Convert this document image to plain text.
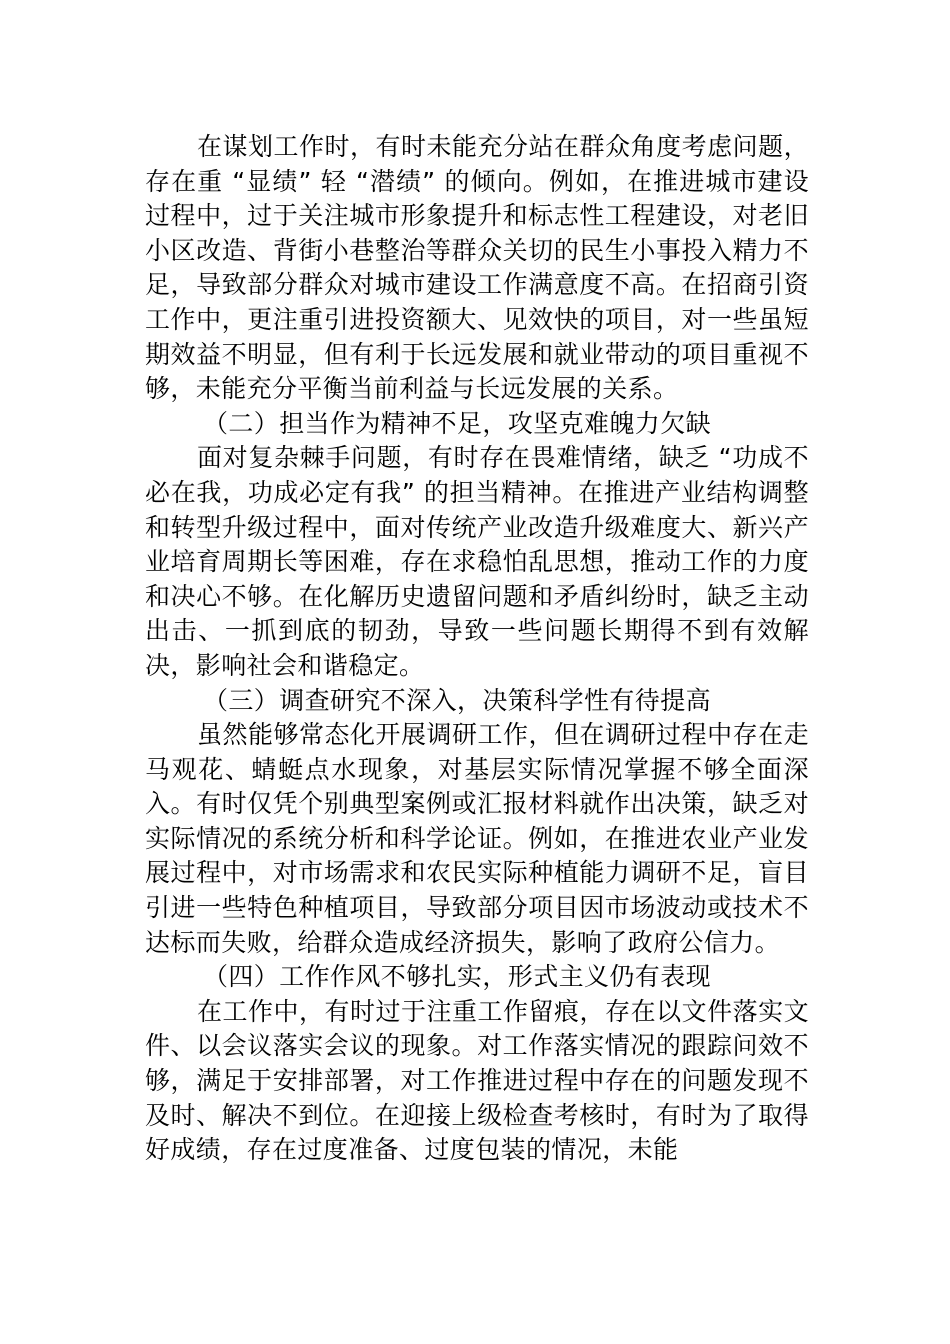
在谋划工作时，有时未能充分站在群众角度考虑问题，存在重 “显绩” 轻 “潜绩” 的倾向。例如，在推进城市建设过程中，过于关注城市形象提升和标志性工程建设，对老旧小区改造、背街小巷整治等群众关切的民生小事投入精力不足，导致部分群众对城市建设工作满意度不高。在招商引资工作中，更注重引进投资额大、见效快的项目，对一些虽短期效益不明显，但有利于长远发展和就业带动的项目重视不够，未能充分平衡当前利益与长远发展的关系。

（二）担当作为精神不足，攻坚克难魄力欠缺

面对复杂棘手问题，有时存在畏难情绪，缺乏 “功成不必在我，功成必定有我” 的担当精神。在推进产业结构调整和转型升级过程中，面对传统产业改造升级难度大、新兴产业培育周期长等困难，存在求稳怕乱思想，推动工作的力度和决心不够。在化解历史遗留问题和矛盾纠纷时，缺乏主动出击、一抓到底的韧劲，导致一些问题长期得不到有效解决，影响社会和谐稳定。

（三）调查研究不深入，决策科学性有待提高

虽然能够常态化开展调研工作，但在调研过程中存在走马观花、蜻蜓点水现象，对基层实际情况掌握不够全面深入。有时仅凭个别典型案例或汇报材料就作出决策，缺乏对实际情况的系统分析和科学论证。例如，在推进农业产业发展过程中，对市场需求和农民实际种植能力调研不足，盲目引进一些特色种植项目，导致部分项目因市场波动或技术不达标而失败，给群众造成经济损失，影响了政府公信力。

（四）工作作风不够扎实，形式主义仍有表现

在工作中，有时过于注重工作留痕，存在以文件落实文件、以会议落实会议的现象。对工作落实情况的跟踪问效不够，满足于安排部署，对工作推进过程中存在的问题发现不及时、解决不到位。在迎接上级检查考核时，有时为了取得好成绩，存在过度准备、过度包装的情况，未能
